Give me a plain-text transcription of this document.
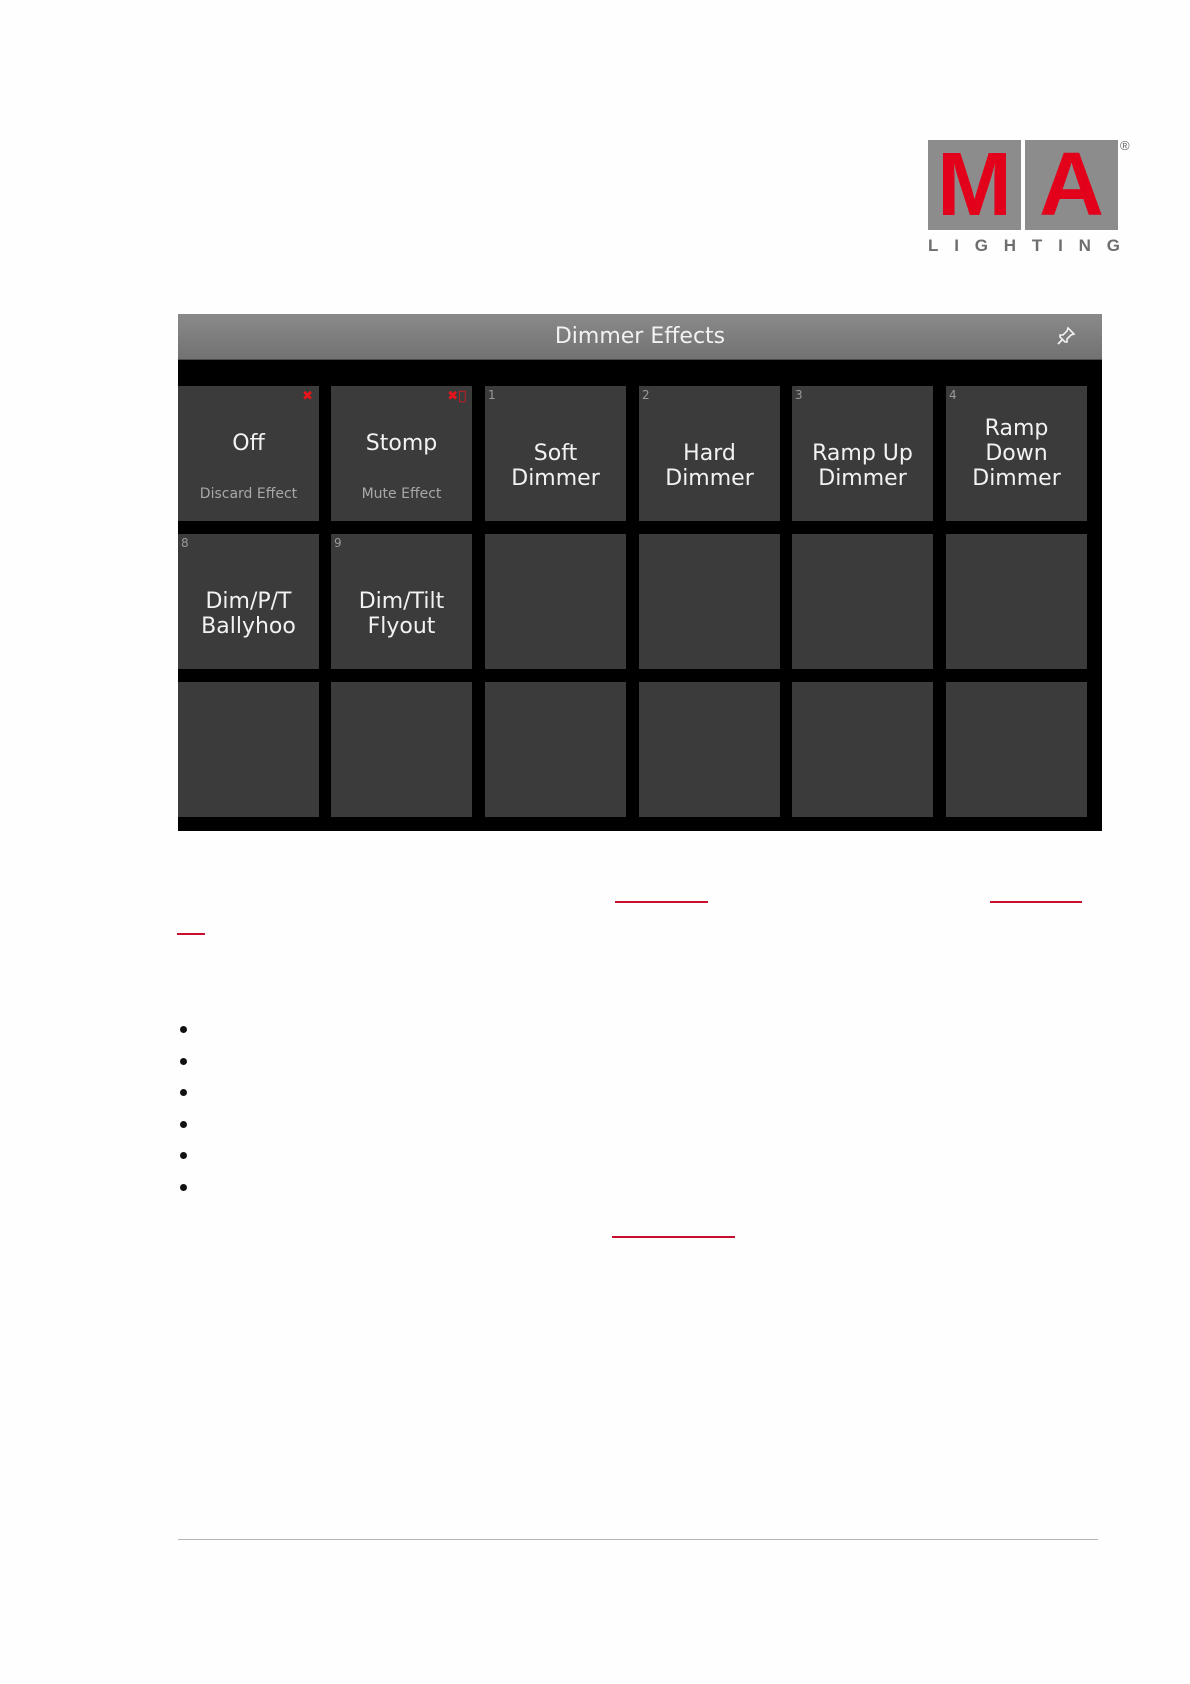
M A	®
L I G H T I N G
Dimmer Effects
✖
Off
Discard Effect
✖⃝
Stomp
Mute Effect
1
Soft
Dimmer
2
Hard
Dimmer
3
Ramp Up
Dimmer
4
Ramp
Down
Dimmer
8
Dim/P/T
Ballyhoo
9
Dim/Tilt
Flyout
